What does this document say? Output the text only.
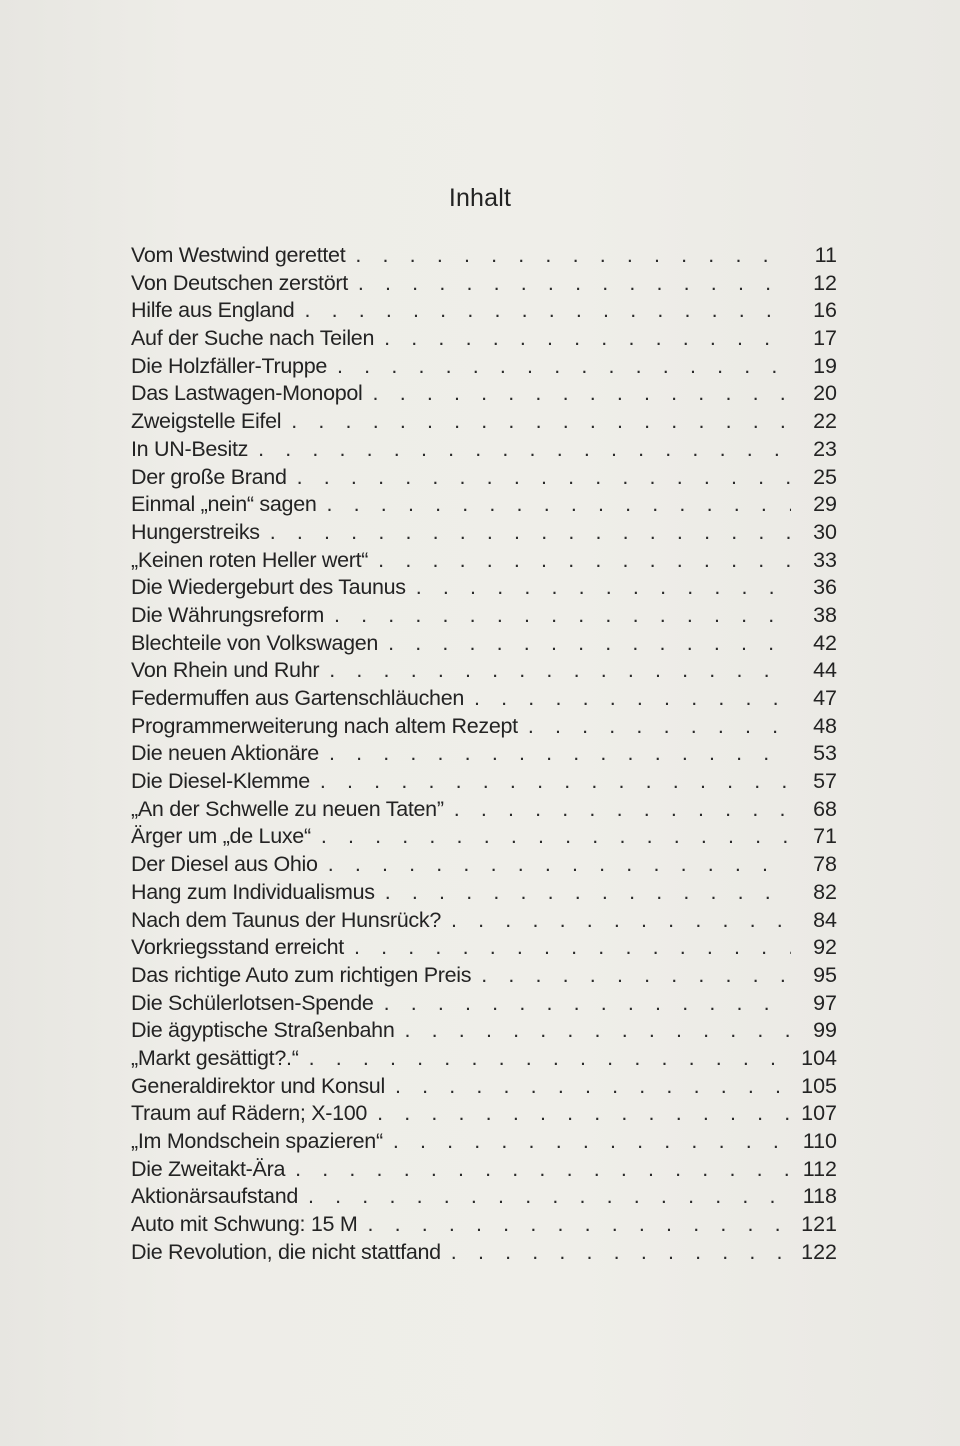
Inhalt
Vom Westwind gerettet . . .	11
Von Deutschen zerstört . . .	12
Hilfe aus England . . .	16
Auf der Suche nach Teilen . . .	17
Die Holzfäller-Truppe . . .	19
Das Lastwagen-Monopol . . .	20
Zweigstelle Eifel . . .	22
In UN-Besitz . . .	23
Der große Brand . . .	25
Einmal „nein“ sagen . . .	29
Hungerstreiks . . .	30
„Keinen roten Heller wert“ . . .	33
Die Wiedergeburt des Taunus . . .	36
Die Währungsreform . . .	38
Blechteile von Volkswagen . . .	42
Von Rhein und Ruhr . . .	44
Federmuffen aus Gartenschläuchen . . .	47
Programmerweiterung nach altem Rezept . . .	48
Die neuen Aktionäre . . .	53
Die Diesel-Klemme . . .	57
„An der Schwelle zu neuen Taten” . . .	68
Ärger um „de Luxe“ . . .	71
Der Diesel aus Ohio . . .	78
Hang zum Individualismus . . .	82
Nach dem Taunus der Hunsrück? . . .	84
Vorkriegsstand erreicht . . .	92
Das richtige Auto zum richtigen Preis . . .	95
Die Schülerlotsen-Spende . . .	97
Die ägyptische Straßenbahn . . .	99
„Markt gesättigt?.“ . . .	104
Generaldirektor und Konsul . . .	105
Traum auf Rädern; X-100 . . .	107
„Im Mondschein spazieren“ . . .	110
Die Zweitakt-Ära . . .	112
Aktionärsaufstand . . .	118
Auto mit Schwung: 15 M . . .	121
Die Revolution, die nicht stattfand . . .	122
